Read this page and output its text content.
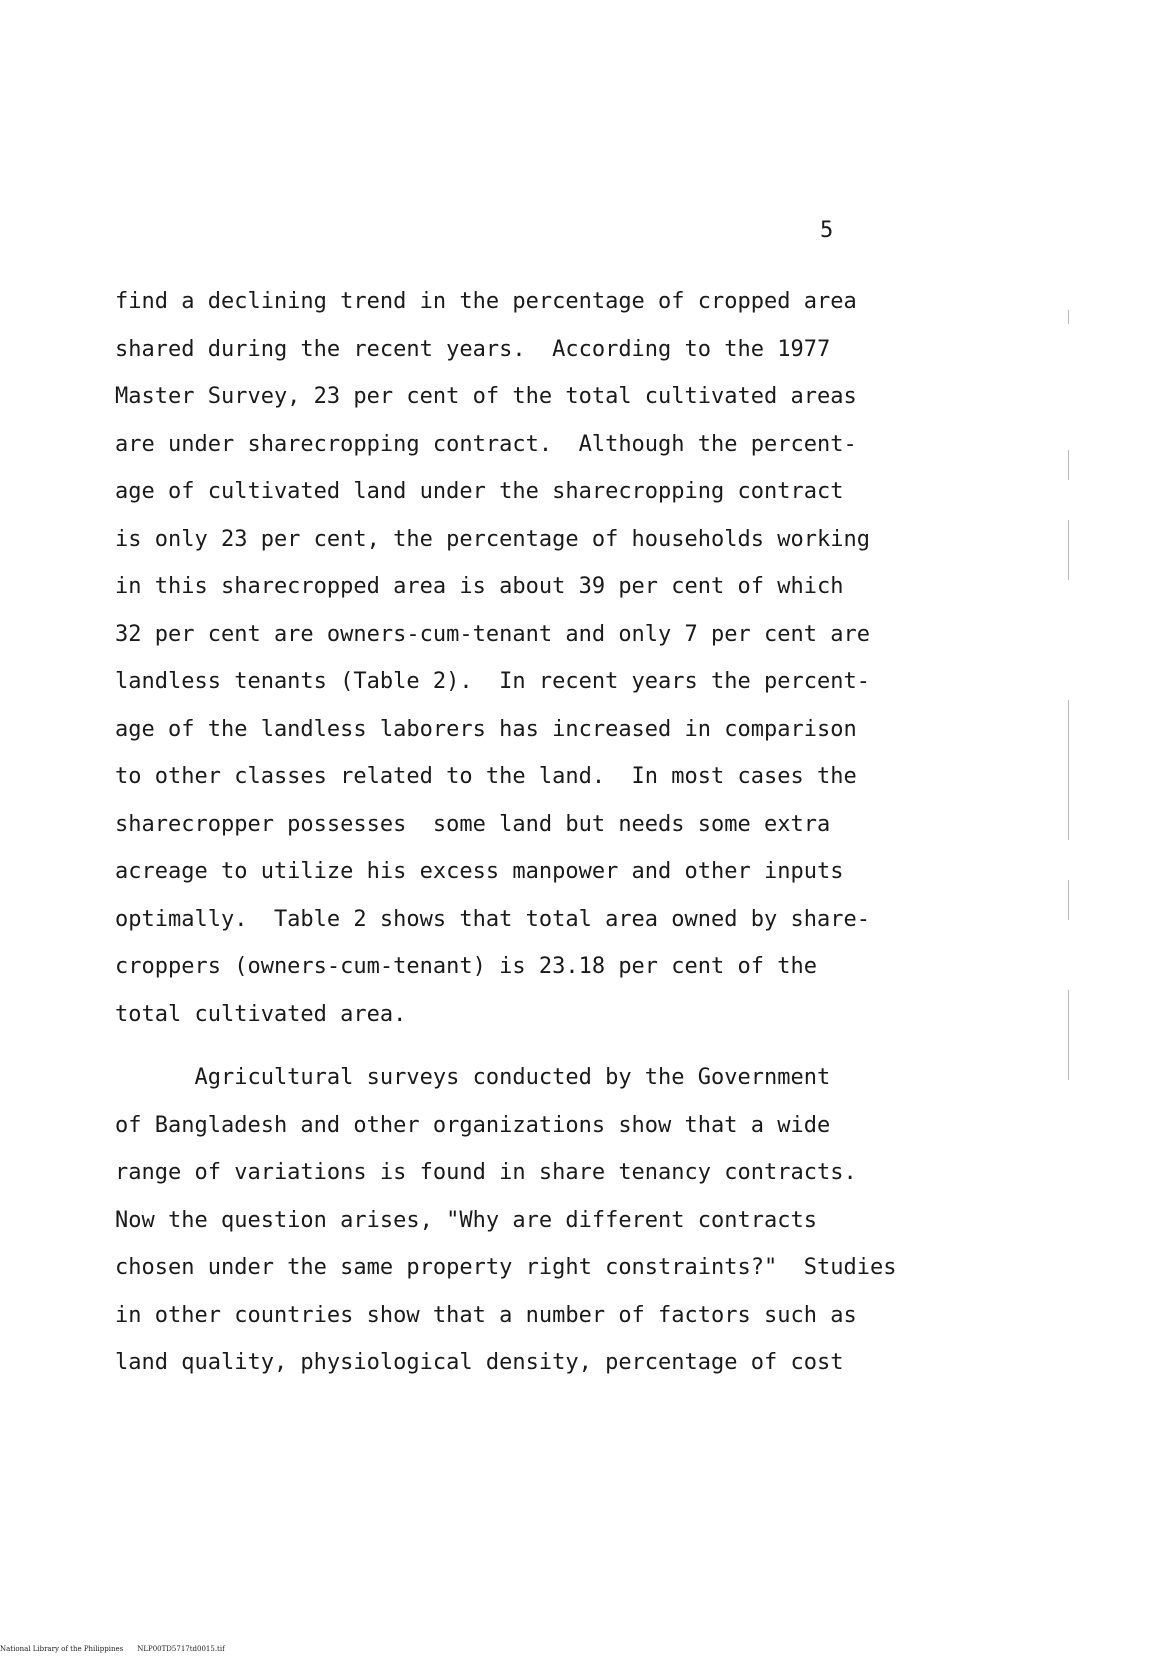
5

find a declining trend in the percentage of cropped area
shared during the recent years.  According to the 1977
Master Survey, 23 per cent of the total cultivated areas
are under sharecropping contract.  Although the percent-
age of cultivated land under the sharecropping contract
is only 23 per cent, the percentage of households working
in this sharecropped area is about 39 per cent of which
32 per cent are owners-cum-tenant and only 7 per cent are
landless tenants (Table 2).  In recent years the percent-
age of the landless laborers has increased in comparison
to other classes related to the land.  In most cases the
sharecropper possesses  some land but needs some extra
acreage to utilize his excess manpower and other inputs
optimally.  Table 2 shows that total area owned by share-
croppers (owners-cum-tenant) is 23.18 per cent of the
total cultivated area.

Agricultural surveys conducted by the Government
of Bangladesh and other organizations show that a wide
range of variations is found in share tenancy contracts.
Now the question arises, "Why are different contracts
chosen under the same property right constraints?"  Studies
in other countries show that a number of factors such as
land quality, physiological density, percentage of cost

National Library of the Philippines NLP00TD5717td0015.tif
